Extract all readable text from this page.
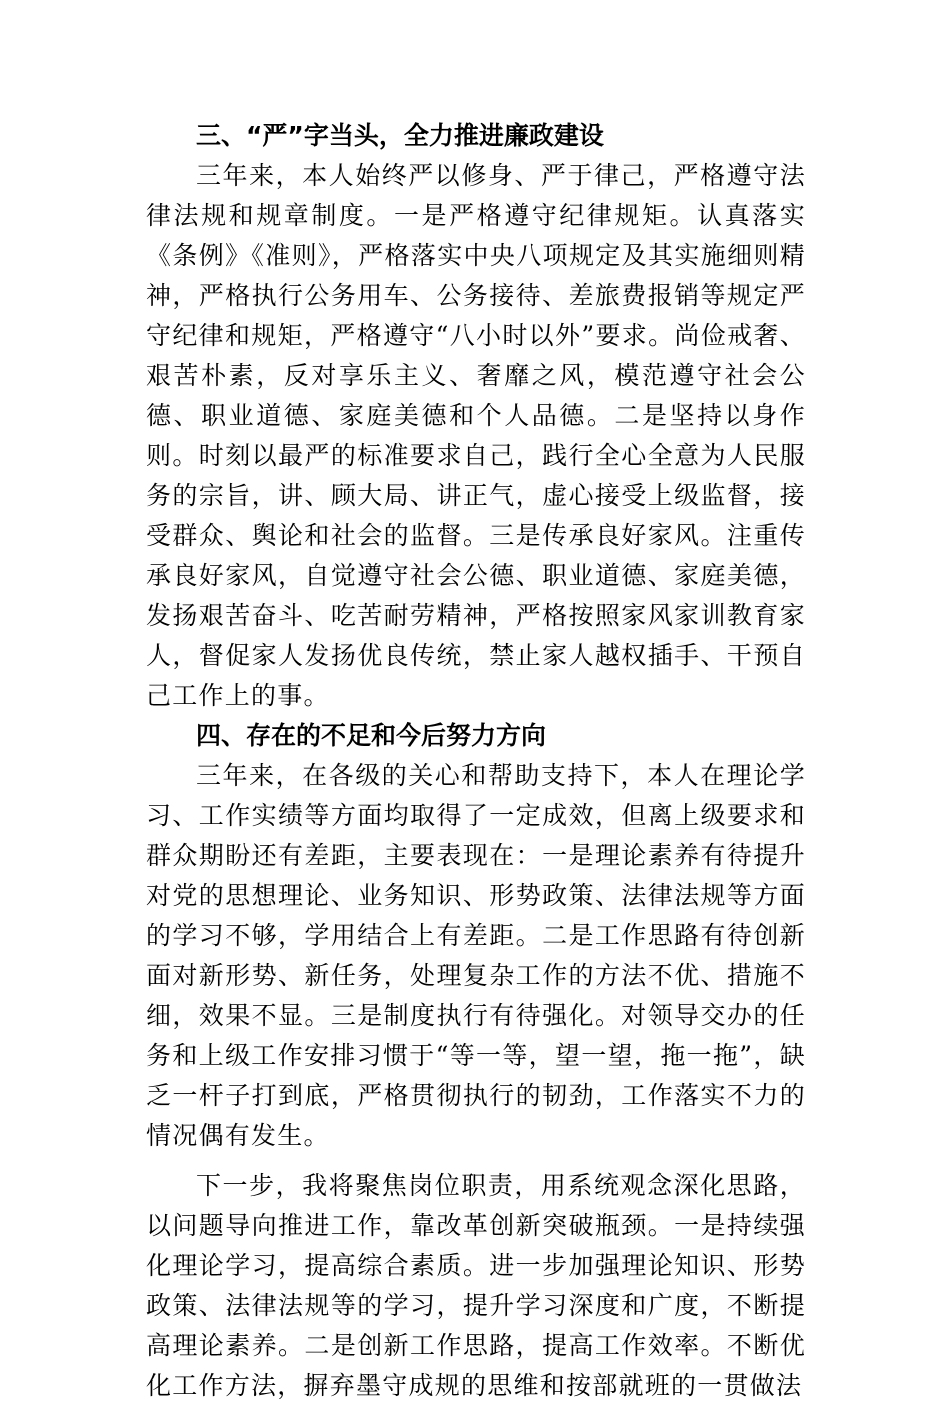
三、“严”字当头，全力推进廉政建设

三年来，本人始终严以修身、严于律己，严格遵守法律法规和规章制度。一是严格遵守纪律规矩。认真落实《条例》《准则》，严格落实中央八项规定及其实施细则精神，严格执行公务用车、公务接待、差旅费报销等规定严守纪律和规矩，严格遵守“八小时以外”要求。尚俭戒奢、艰苦朴素，反对享乐主义、奢靡之风，模范遵守社会公德、职业道德、家庭美德和个人品德。二是坚持以身作则。时刻以最严的标准要求自己，践行全心全意为人民服务的宗旨，讲、顾大局、讲正气，虚心接受上级监督，接受群众、舆论和社会的监督。三是传承良好家风。注重传承良好家风，自觉遵守社会公德、职业道德、家庭美德，发扬艰苦奋斗、吃苦耐劳精神，严格按照家风家训教育家人，督促家人发扬优良传统，禁止家人越权插手、干预自己工作上的事。

四、存在的不足和今后努力方向

三年来，在各级的关心和帮助支持下，本人在理论学习、工作实绩等方面均取得了一定成效，但离上级要求和群众期盼还有差距，主要表现在：一是理论素养有待提升对党的思想理论、业务知识、形势政策、法律法规等方面的学习不够，学用结合上有差距。二是工作思路有待创新面对新形势、新任务，处理复杂工作的方法不优、措施不细，效果不显。三是制度执行有待强化。对领导交办的任务和上级工作安排习惯于“等一等，望一望，拖一拖”，缺乏一杆子打到底，严格贯彻执行的韧劲，工作落实不力的情况偶有发生。

下一步，我将聚焦岗位职责，用系统观念深化思路，以问题导向推进工作，靠改革创新突破瓶颈。一是持续强化理论学习，提高综合素质。进一步加强理论知识、形势政策、法律法规等的学习，提升学习深度和广度，不断提高理论素养。二是创新工作思路，提高工作效率。不断优化工作方法，摒弃墨守成规的思维和按部就班的一贯做法
